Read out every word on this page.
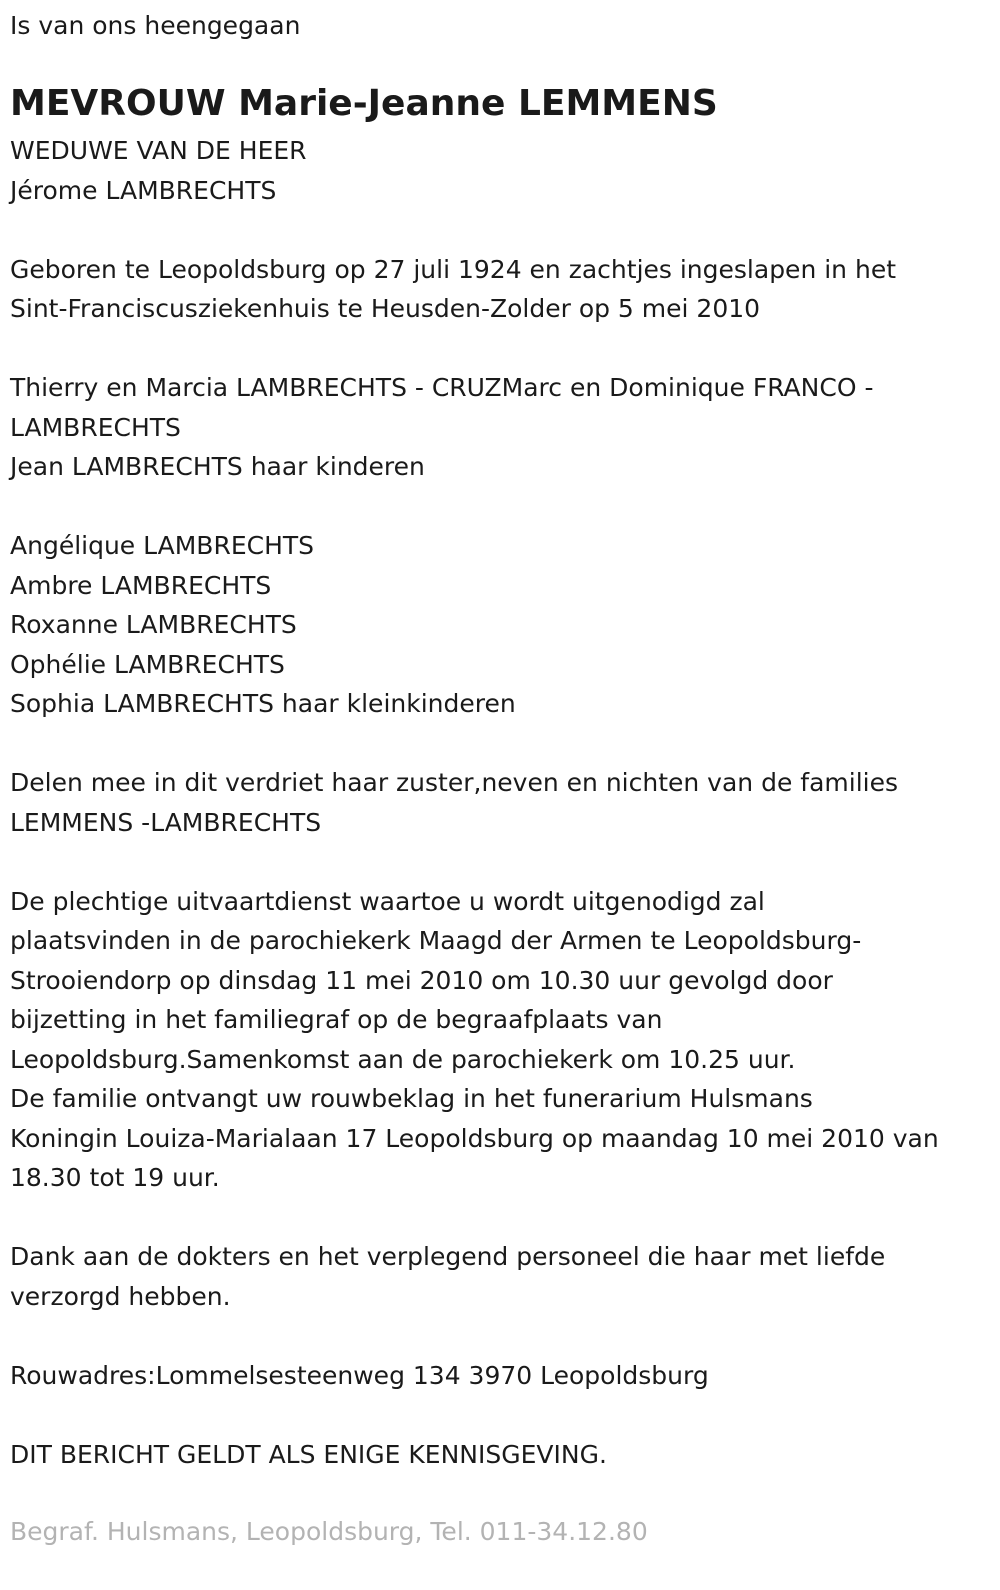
Is van ons heengegaan
MEVROUW Marie-Jeanne LEMMENS
WEDUWE VAN DE HEER
Jérome LAMBRECHTS
Geboren te Leopoldsburg op 27 juli 1924 en zachtjes ingeslapen in het
Sint-Franciscusziekenhuis te Heusden-Zolder op 5 mei 2010
Thierry en Marcia LAMBRECHTS - CRUZMarc en Dominique FRANCO -
LAMBRECHTS
Jean LAMBRECHTS haar kinderen
Angélique LAMBRECHTS
Ambre LAMBRECHTS
Roxanne LAMBRECHTS
Ophélie LAMBRECHTS
Sophia LAMBRECHTS haar kleinkinderen
Delen mee in dit verdriet haar zuster,neven en nichten van de families
LEMMENS -LAMBRECHTS
De plechtige uitvaartdienst waartoe u wordt uitgenodigd zal
plaatsvinden in de parochiekerk Maagd der Armen te Leopoldsburg-
Strooiendorp op dinsdag 11 mei 2010 om 10.30 uur gevolgd door
bijzetting in het familiegraf op de begraafplaats van
Leopoldsburg.Samenkomst aan de parochiekerk om 10.25 uur.
De familie ontvangt uw rouwbeklag in het funerarium Hulsmans
Koningin Louiza-Marialaan 17 Leopoldsburg op maandag 10 mei 2010 van
18.30 tot 19 uur.
Dank aan de dokters en het verplegend personeel die haar met liefde
verzorgd hebben.
Rouwadres:Lommelsesteenweg 134 3970 Leopoldsburg
DIT BERICHT GELDT ALS ENIGE KENNISGEVING.
Begraf. Hulsmans, Leopoldsburg, Tel. 011-34.12.80
